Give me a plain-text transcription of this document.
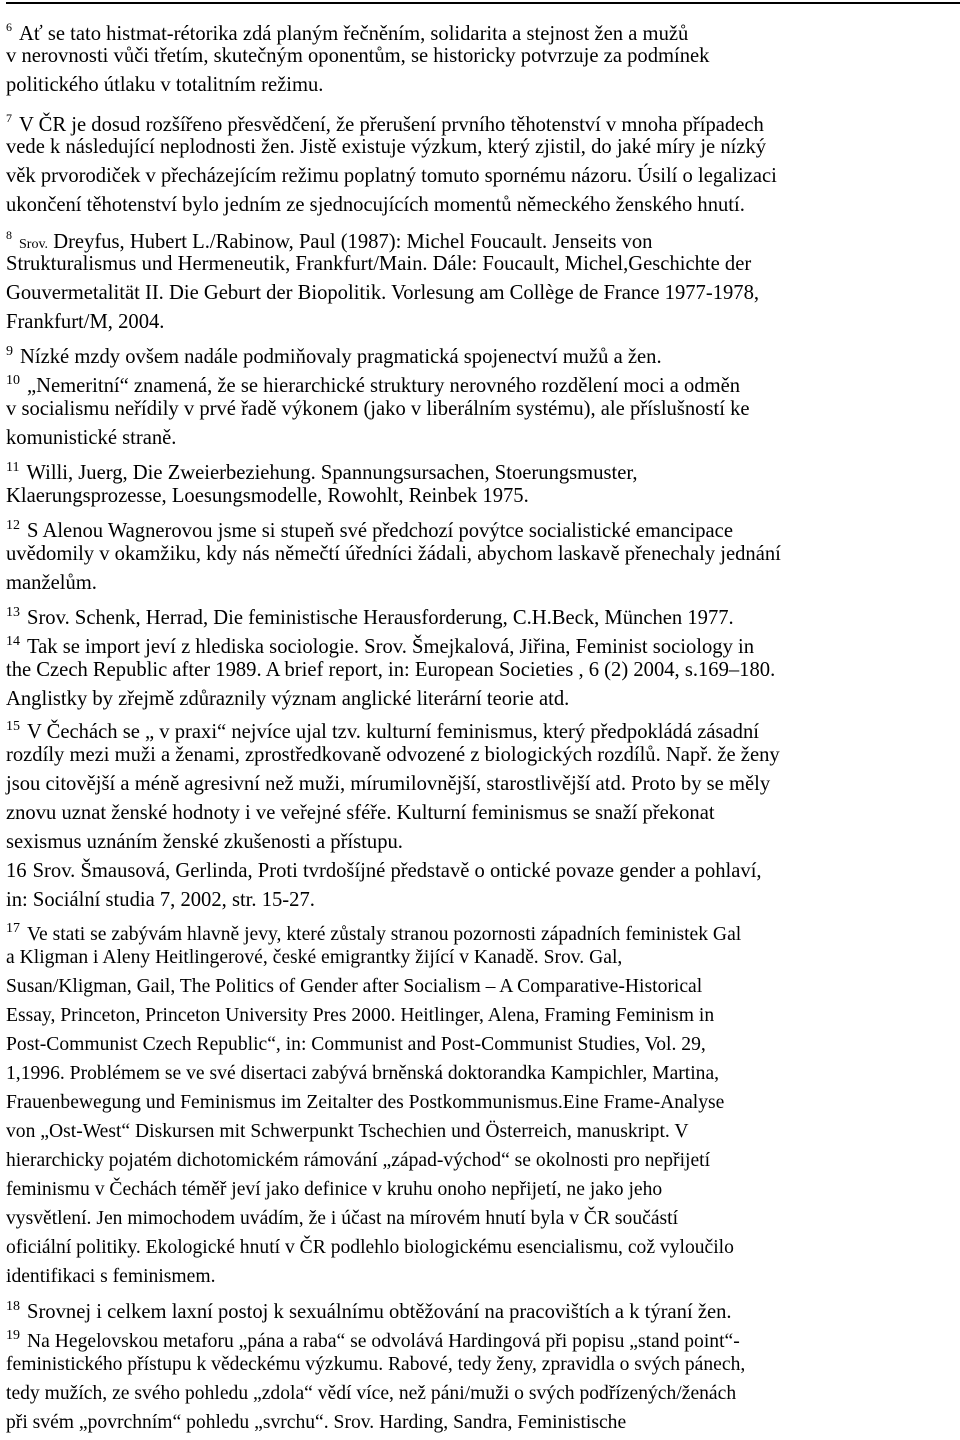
6 Ať se tato histmat-rétorika zdá planým řečněním, solidarita a stejnost žen a mužů
v nerovnosti vůči třetím, skutečným oponentům, se historicky potvrzuje za podmínek
politického útlaku v totalitním režimu.
7 V ČR je dosud rozšířeno přesvědčení, že přerušení prvního těhotenství v mnoha případech
vede k následující neplodnosti žen. Jistě existuje výzkum, který zjistil, do jaké míry je nízký
věk prvorodiček v přecházejícím režimu poplatný tomuto spornému názoru. Úsilí o legalizaci
ukončení těhotenství bylo jedním ze sjednocujících momentů německého ženského hnutí.
8Srov. Dreyfus, Hubert L./Rabinow, Paul (1987): Michel Foucault. Jenseits von
Strukturalismus und Hermeneutik, Frankfurt/Main. Dále: Foucault, Michel,Geschichte der
Gouvermetalität II. Die Geburt der Biopolitik. Vorlesung am Collège de France 1977-1978,
Frankfurt/M, 2004.
9 Nízké mzdy ovšem nadále podmiňovaly pragmatická spojenectví mužů a žen.
10 „Nemeritní“ znamená, že se hierarchické struktury nerovného rozdělení moci a odměn
v socialismu neřídily v prvé řadě výkonem (jako v liberálním systému), ale příslušností ke
komunistické straně.
11 Willi, Juerg, Die Zweierbeziehung. Spannungsursachen, Stoerungsmuster,
Klaerungsprozesse, Loesungsmodelle, Rowohlt, Reinbek 1975.
12 S Alenou Wagnerovou jsme si stupeň své předchozí povýtce socialistické emancipace
uvědomily v okamžiku, kdy nás němečtí úředníci žádali, abychom laskavě přenechaly jednání
manželům.
13 Srov. Schenk, Herrad, Die feministische Herausforderung, C.H.Beck, München 1977.
14 Tak se import jeví z hlediska sociologie. Srov. Šmejkalová, Jiřina, Feminist sociology in
the Czech Republic after 1989. A brief report, in: European Societies , 6 (2) 2004, s.169–180.
Anglistky by zřejmě zdůraznily význam anglické literární teorie atd.
15 V Čechách se „ v praxi“ nejvíce ujal tzv. kulturní feminismus, který předpokládá zásadní
rozdíly mezi muži a ženami, zprostředkovaně odvozené z biologických rozdílů. Např. že ženy
jsou citovější a méně agresivní než muži, mírumilovnější, starostlivější atd. Proto by se měly
znovu uznat ženské hodnoty i ve veřejné sféře. Kulturní feminismus se snaží překonat
sexismus uznáním ženské zkušenosti a přístupu.
16 Srov. Šmausová, Gerlinda, Proti tvrdošíjné představě o ontické povaze gender a pohlaví,
in: Sociální studia 7, 2002, str. 15-27.
17 Ve stati se zabývám hlavně jevy, které zůstaly stranou pozornosti západních feministek Gal
a Kligman i Aleny Heitlingerové, české emigrantky žijící v Kanadě. Srov. Gal,
Susan/Kligman, Gail, The Politics of Gender after Socialism – A Comparative-Historical
Essay, Princeton, Princeton University Pres 2000. Heitlinger, Alena, Framing Feminism in
Post-Communist Czech Republic“, in: Communist and Post-Communist Studies, Vol. 29,
1,1996. Problémem se ve své disertaci zabývá brněnská doktorandka Kampichler, Martina,
Frauenbewegung und Feminismus im Zeitalter des Postkommunismus.Eine Frame-Analyse
von „Ost-West“ Diskursen mit Schwerpunkt Tschechien und Österreich, manuskript. V
hierarchicky pojatém dichotomickém rámování „západ-východ“ se okolnosti pro nepřijetí
feminismu v Čechách téměř jeví jako definice v kruhu onoho nepřijetí, ne jako jeho
vysvětlení. Jen mimochodem uvádím, že i účast na mírovém hnutí byla v ČR součástí
oficiální politiky. Ekologické hnutí v ČR podlehlo biologickému esencialismu, což vyloučilo
identifikaci s feminismem.
18 Srovnej i celkem laxní postoj k sexuálnímu obtěžování na pracovištích a k týraní žen.
19 Na Hegelovskou metaforu „pána a raba“ se odvolává Hardingová při popisu „stand point“-
feministického přístupu k vědeckému výzkumu. Rabové, tedy ženy, zpravidla o svých pánech,
tedy mužích, ze svého pohledu „zdola“ vědí více, než páni/muži o svých podřízených/ženách
při svém „povrchním“ pohledu „svrchu“. Srov. Harding, Sandra, Feministische
